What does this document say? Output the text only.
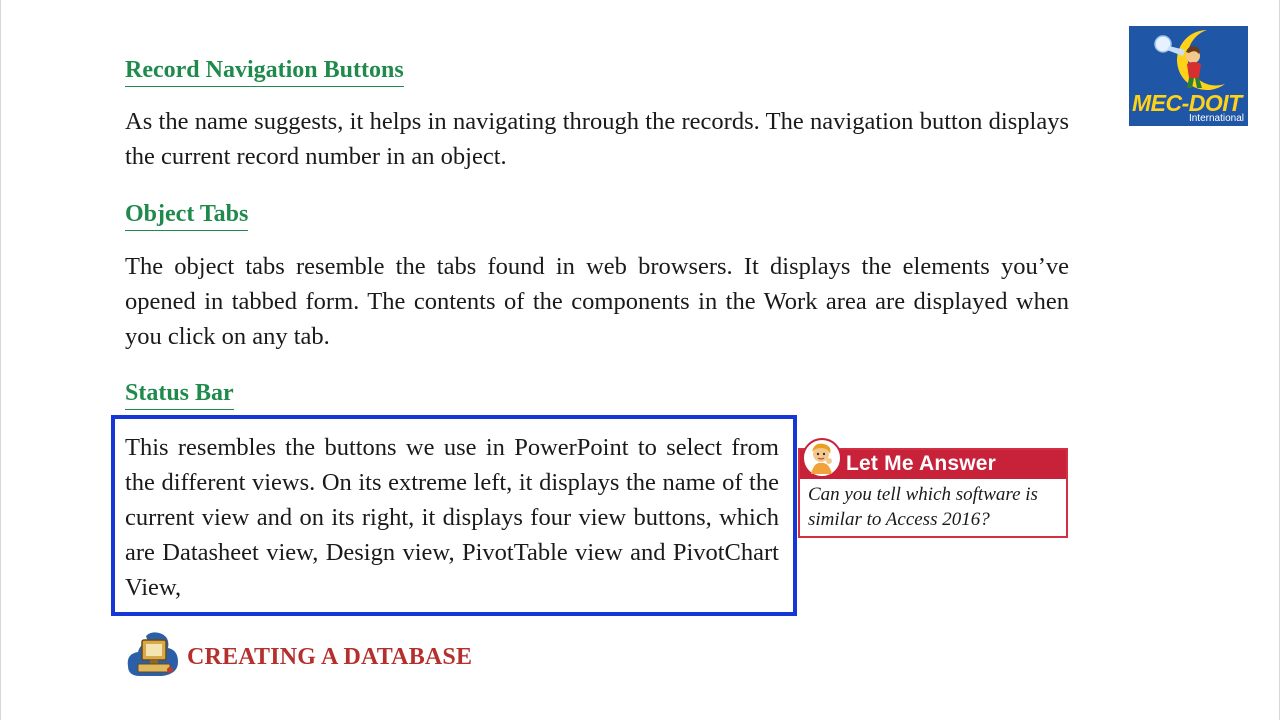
Record Navigation Buttons
As the name suggests, it helps in navigating through the records. The navigation button displays the current record number in an object.
Object Tabs
The object tabs resemble the tabs found in web browsers. It displays the elements you’ve opened in tabbed form. The contents of the components in the Work area are displayed when you click on any tab.
Status Bar

This resembles the buttons we use in PowerPoint to select from the different views. On its extreme left, it displays the name of the current view and on its right, it displays four view buttons, which are Datasheet view, Design view, PivotTable view and PivotChart View,

Let Me Answer
Can you tell which software is similar to Access 2016?
MEC-DOIT
International
CREATING A DATABASE
